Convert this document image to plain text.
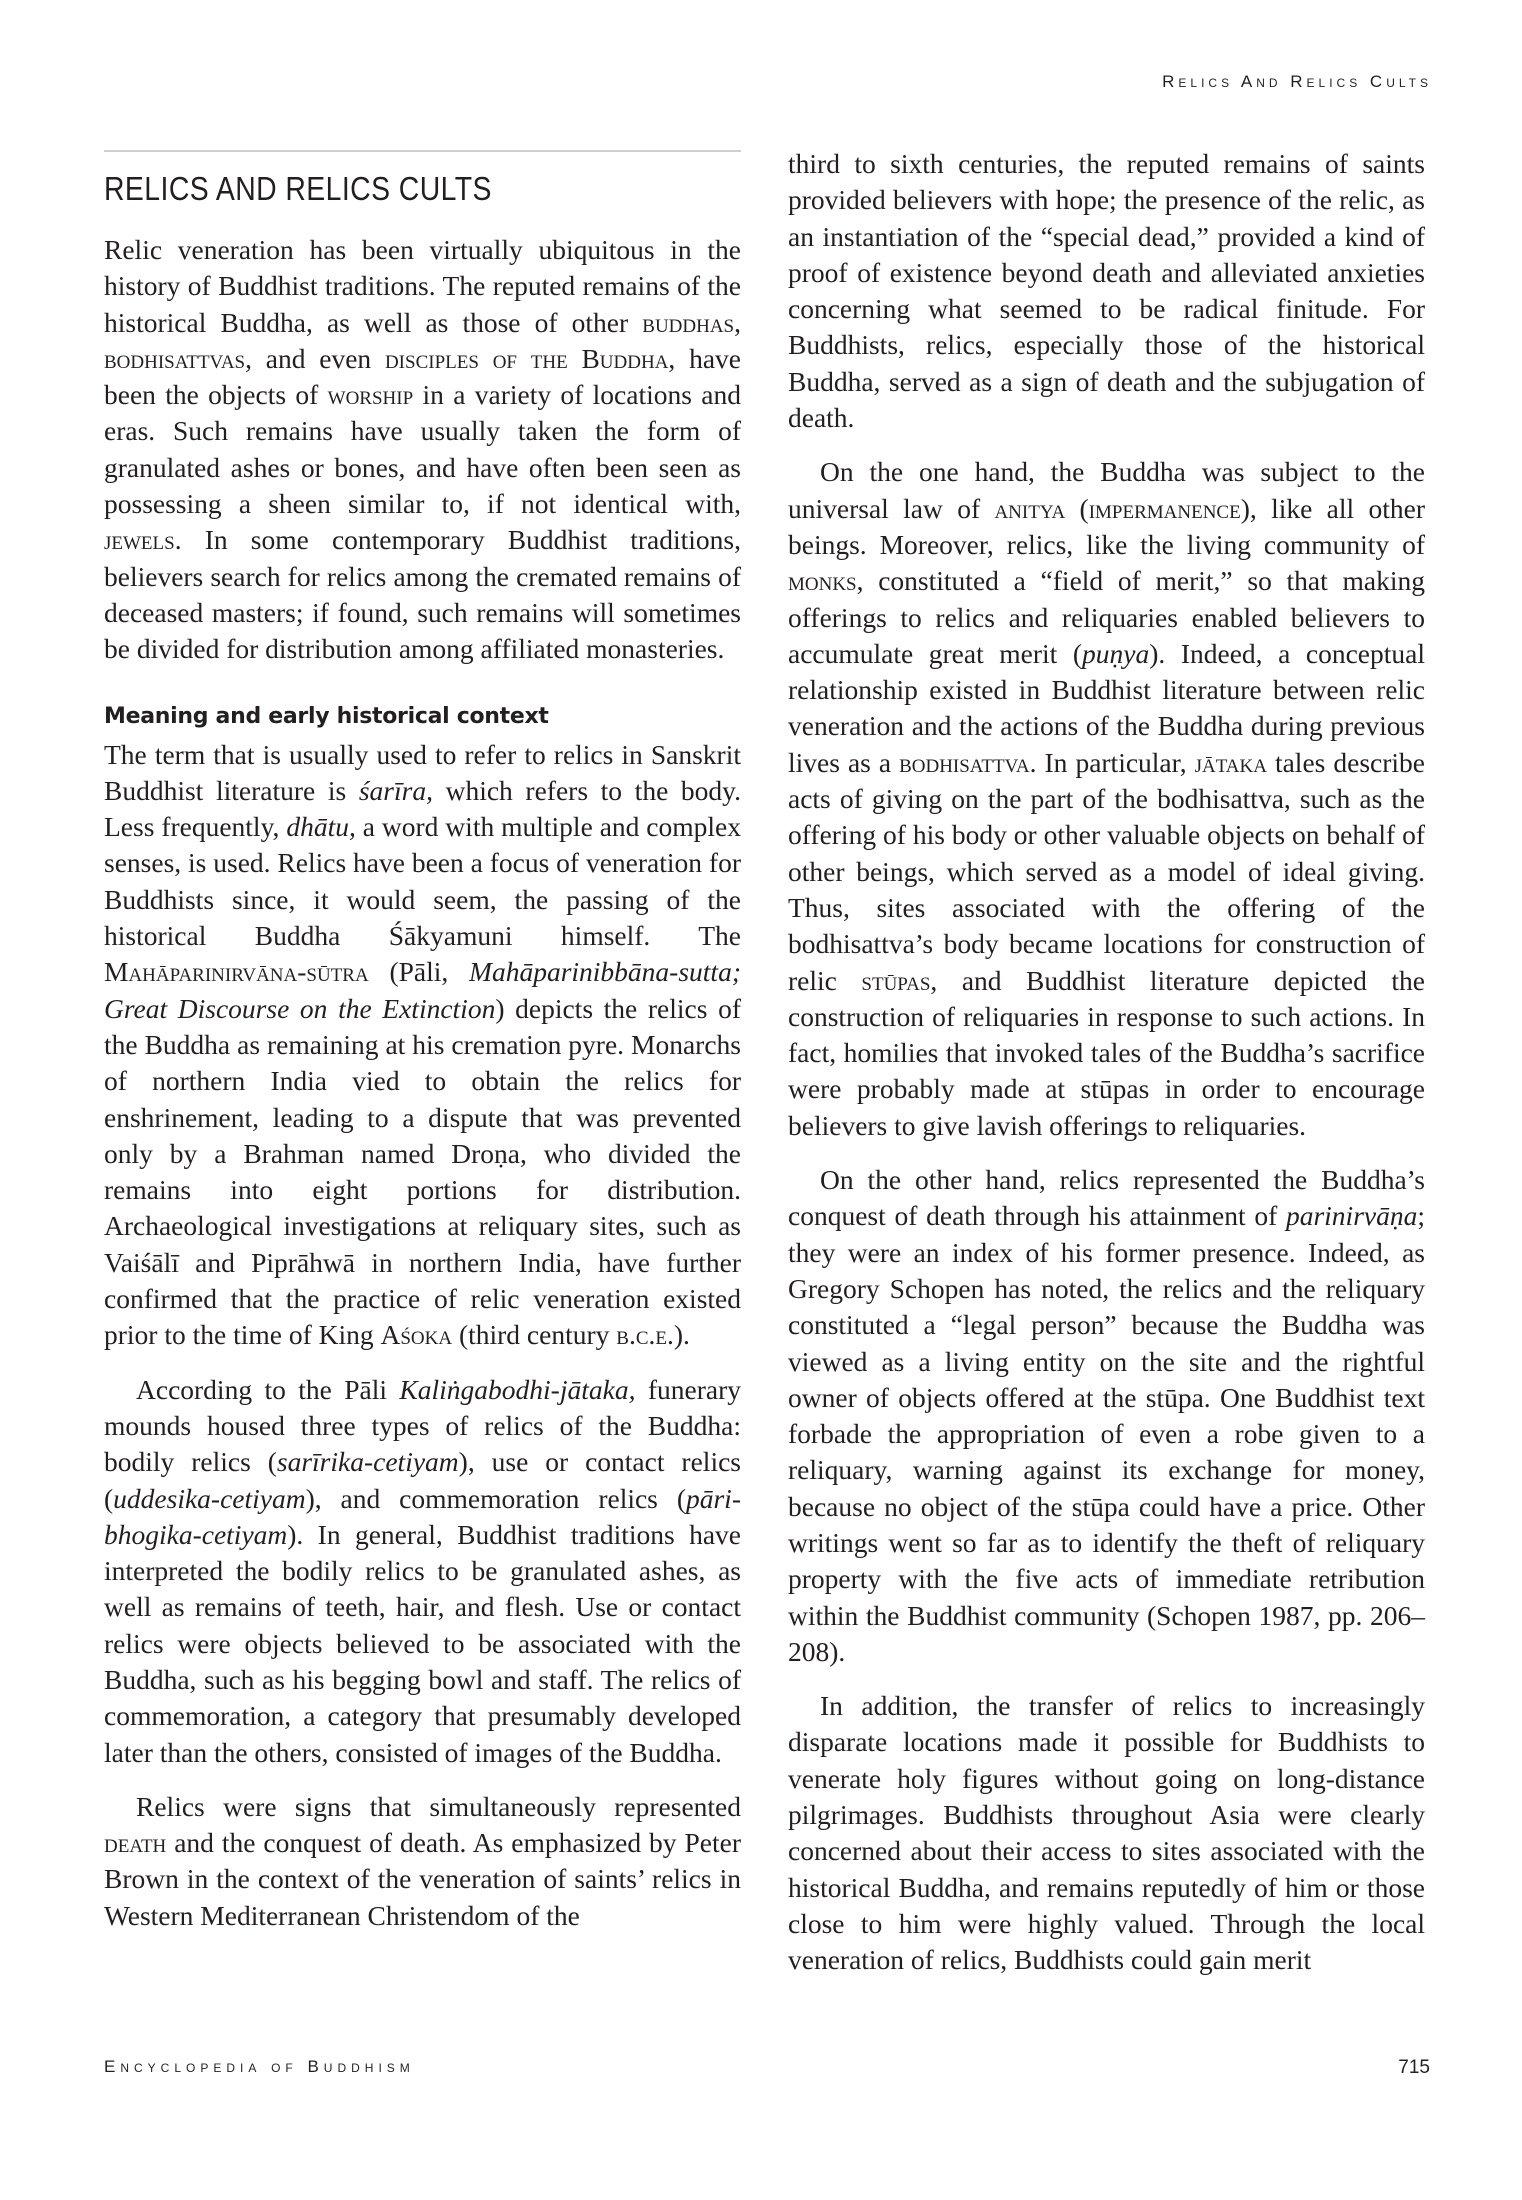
Relics And Relics Cults
RELICS AND RELICS CULTS

Relic veneration has been virtually ubiquitous in the history of Buddhist traditions. The reputed remains of the historical Buddha, as well as those of other buddhas, bodhisattvas, and even disciples of the Buddha, have been the objects of worship in a variety of locations and eras. Such remains have usually taken the form of granulated ashes or bones, and have often been seen as possessing a sheen similar to, if not identical with, jewels. In some contemporary Buddhist traditions, believers search for relics among the cremated remains of deceased masters; if found, such remains will sometimes be divided for distribution among affiliated monasteries.

Meaning and early historical context

The term that is usually used to refer to relics in Sanskrit Buddhist literature is śarīra, which refers to the body. Less frequently, dhātu, a word with multiple and complex senses, is used. Relics have been a focus of veneration for Buddhists since, it would seem, the passing of the historical Buddha Śākyamuni himself. The Mahāparinirvāna-sūtra (Pāli, Mahāparinibbāna-sutta; Great Discourse on the Extinction) depicts the relics of the Buddha as remaining at his cremation pyre. Monarchs of northern India vied to obtain the relics for enshrinement, leading to a dispute that was prevented only by a Brahman named Droṇa, who divided the remains into eight portions for distribution. Archaeological investigations at reliquary sites, such as Vaiśālī and Piprāhwā in northern India, have further confirmed that the practice of relic veneration existed prior to the time of King Aśoka (third century b.c.e.).

According to the Pāli Kaliṅgabodhi-jātaka, funerary mounds housed three types of relics of the Buddha: bodily relics (sarīrika-cetiyam), use or contact relics (uddesika-cetiyam), and commemoration relics (pāribhogika-cetiyam). In general, Buddhist traditions have interpreted the bodily relics to be granulated ashes, as well as remains of teeth, hair, and flesh. Use or contact relics were objects believed to be associated with the Buddha, such as his begging bowl and staff. The relics of commemoration, a category that presumably developed later than the others, consisted of images of the Buddha.

Relics were signs that simultaneously represented death and the conquest of death. As emphasized by Peter Brown in the context of the veneration of saints’ relics in Western Mediterranean Christendom of the

third to sixth centuries, the reputed remains of saints provided believers with hope; the presence of the relic, as an instantiation of the “special dead,” provided a kind of proof of existence beyond death and alleviated anxieties concerning what seemed to be radical finitude. For Buddhists, relics, especially those of the historical Buddha, served as a sign of death and the subjugation of death.

On the one hand, the Buddha was subject to the universal law of anitya (impermanence), like all other beings. Moreover, relics, like the living community of monks, constituted a “field of merit,” so that making offerings to relics and reliquaries enabled believers to accumulate great merit (puṇya). Indeed, a conceptual relationship existed in Buddhist literature between relic veneration and the actions of the Buddha during previous lives as a bodhisattva. In particular, jātaka tales describe acts of giving on the part of the bodhisattva, such as the offering of his body or other valuable objects on behalf of other beings, which served as a model of ideal giving. Thus, sites associated with the offering of the bodhisattva’s body became locations for construction of relic stūpas, and Buddhist literature depicted the construction of reliquaries in response to such actions. In fact, homilies that invoked tales of the Buddha’s sacrifice were probably made at stūpas in order to encourage believers to give lavish offerings to reliquaries.

On the other hand, relics represented the Buddha’s conquest of death through his attainment of parinirvāṇa; they were an index of his former presence. Indeed, as Gregory Schopen has noted, the relics and the reliquary constituted a “legal person” because the Buddha was viewed as a living entity on the site and the rightful owner of objects offered at the stūpa. One Buddhist text forbade the appropriation of even a robe given to a reliquary, warning against its exchange for money, because no object of the stūpa could have a price. Other writings went so far as to identify the theft of reliquary property with the five acts of immediate retribution within the Buddhist community (Schopen 1987, pp. 206–208).

In addition, the transfer of relics to increasingly disparate locations made it possible for Buddhists to venerate holy figures without going on long-distance pilgrimages. Buddhists throughout Asia were clearly concerned about their access to sites associated with the historical Buddha, and remains reputedly of him or those close to him were highly valued. Through the local veneration of relics, Buddhists could gain merit

Encyclopedia of Buddhism	715
